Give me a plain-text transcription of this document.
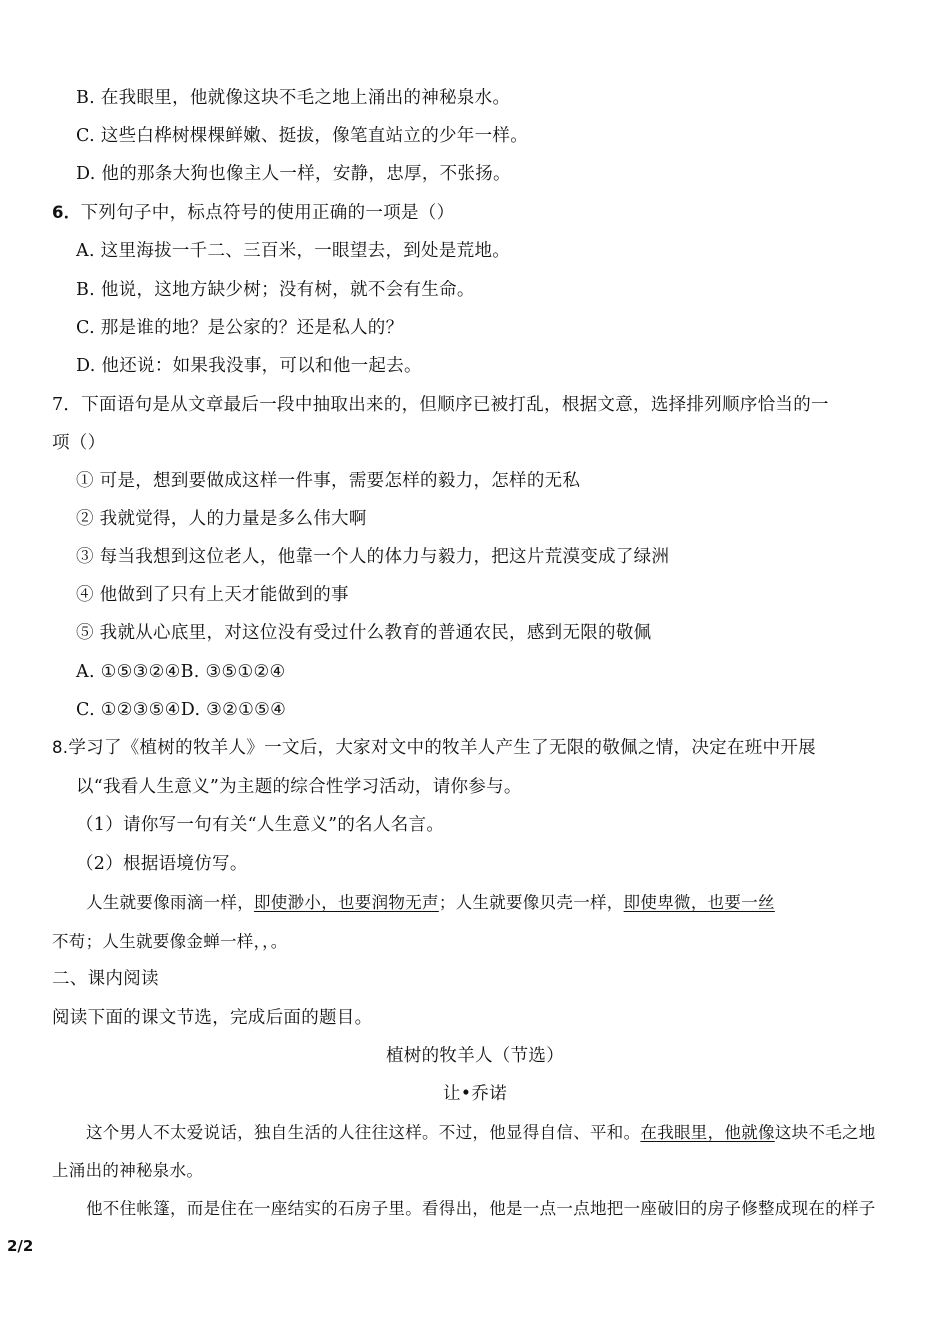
B. 在我眼里，他就像这块不毛之地上涌出的神秘泉水。
C. 这些白桦树棵棵鲜嫩、挺拔，像笔直站立的少年一样。
D. 他的那条大狗也像主人一样，安静，忠厚，不张扬。
6．下列句子中，标点符号的使用正确的一项是（）
A. 这里海拔一千二、三百米，一眼望去，到处是荒地。
B. 他说，这地方缺少树；没有树，就不会有生命。
C. 那是谁的地？是公家的？还是私人的？
D. 他还说：如果我没事，可以和他一起去。
7．下面语句是从文章最后一段中抽取出来的，但顺序已被打乱，根据文意，选择排列顺序恰当的一
项（）
① 可是，想到要做成这样一件事，需要怎样的毅力，怎样的无私
② 我就觉得，人的力量是多么伟大啊
③ 每当我想到这位老人，他靠一个人的体力与毅力，把这片荒漠变成了绿洲
④ 他做到了只有上天才能做到的事
⑤ 我就从心底里，对这位没有受过什么教育的普通农民，感到无限的敬佩
A. ①⑤③②④B. ③⑤①②④
C. ①②③⑤④D. ③②①⑤④
8.学习了《植树的牧羊人》一文后，大家对文中的牧羊人产生了无限的敬佩之情，决定在班中开展
以“我看人生意义”为主题的综合性学习活动，请你参与。
（1）请你写一句有关“人生意义”的名人名言。
（2）根据语境仿写。
人生就要像雨滴一样，即使渺小，也要润物无声；人生就要像贝壳一样，即使卑微，也要一丝
不苟；人生就要像金蝉一样，，。
二、课内阅读
阅读下面的课文节选，完成后面的题目。
植树的牧羊人（节选）
让•乔诺
这个男人不太爱说话，独自生活的人往往这样。不过，他显得自信、平和。在我眼里，他就像这块不毛之地
上涌出的神秘泉水。
他不住帐篷，而是住在一座结实的石房子里。看得出，他是一点一点地把一座破旧的房子修整成现在的样子
2/2
